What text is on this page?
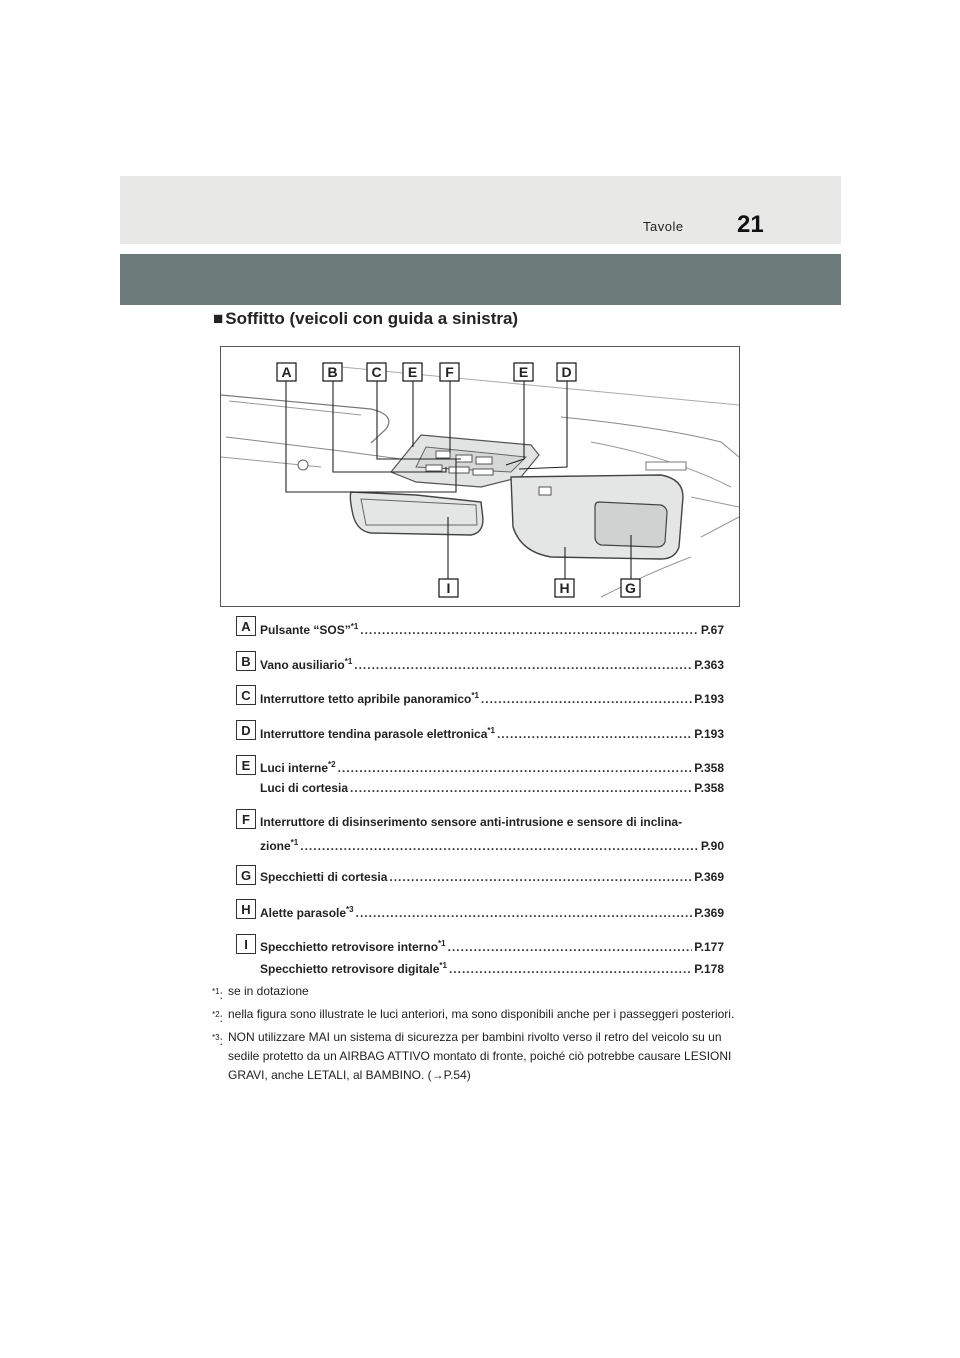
Tavole 21
■ Soffitto (veicoli con guida a sinistra)
A	B C E F	E D
I	H	G
A Pulsante “SOS”$^{*1}$ .....	P.67
B Vano ausiliario$^{*1}$ .....	P.363
C Interruttore tetto apribile panoramico$^{*1}$ .....	P.193
D Interruttore tendina parasole elettronica$^{*1}$ .....	P.193
E Luci interne$^{*2}$ .....	P.358
Luci di cortesia .....	P.358
F Interruttore di disinserimento sensore anti-intrusione e sensore di inclina-
zione$^{*1}$ .....	P.90
G Specchietti di cortesia .....	P.369
H Alette parasole$^{*3}$ .....	P.369
I	Specchietto retrovisore interno$^{*1}$ .....	P.177
Specchietto retrovisore digitale$^{*1}$ .....	P.178
$^{*1}$: se in dotazione
$^{*2}$: nella figura sono illustrate le luci anteriori, ma sono disponibili anche per i passeggeri posteriori.
$^{*3}$: NON utilizzare MAI un sistema di sicurezza per bambini rivolto verso il retro del veicolo su un sedile protetto da un AIRBAG ATTIVO montato di fronte, poiché ciò potrebbe causare LESIONI GRAVI, anche LETALI, al BAMBINO. (→P.54)
